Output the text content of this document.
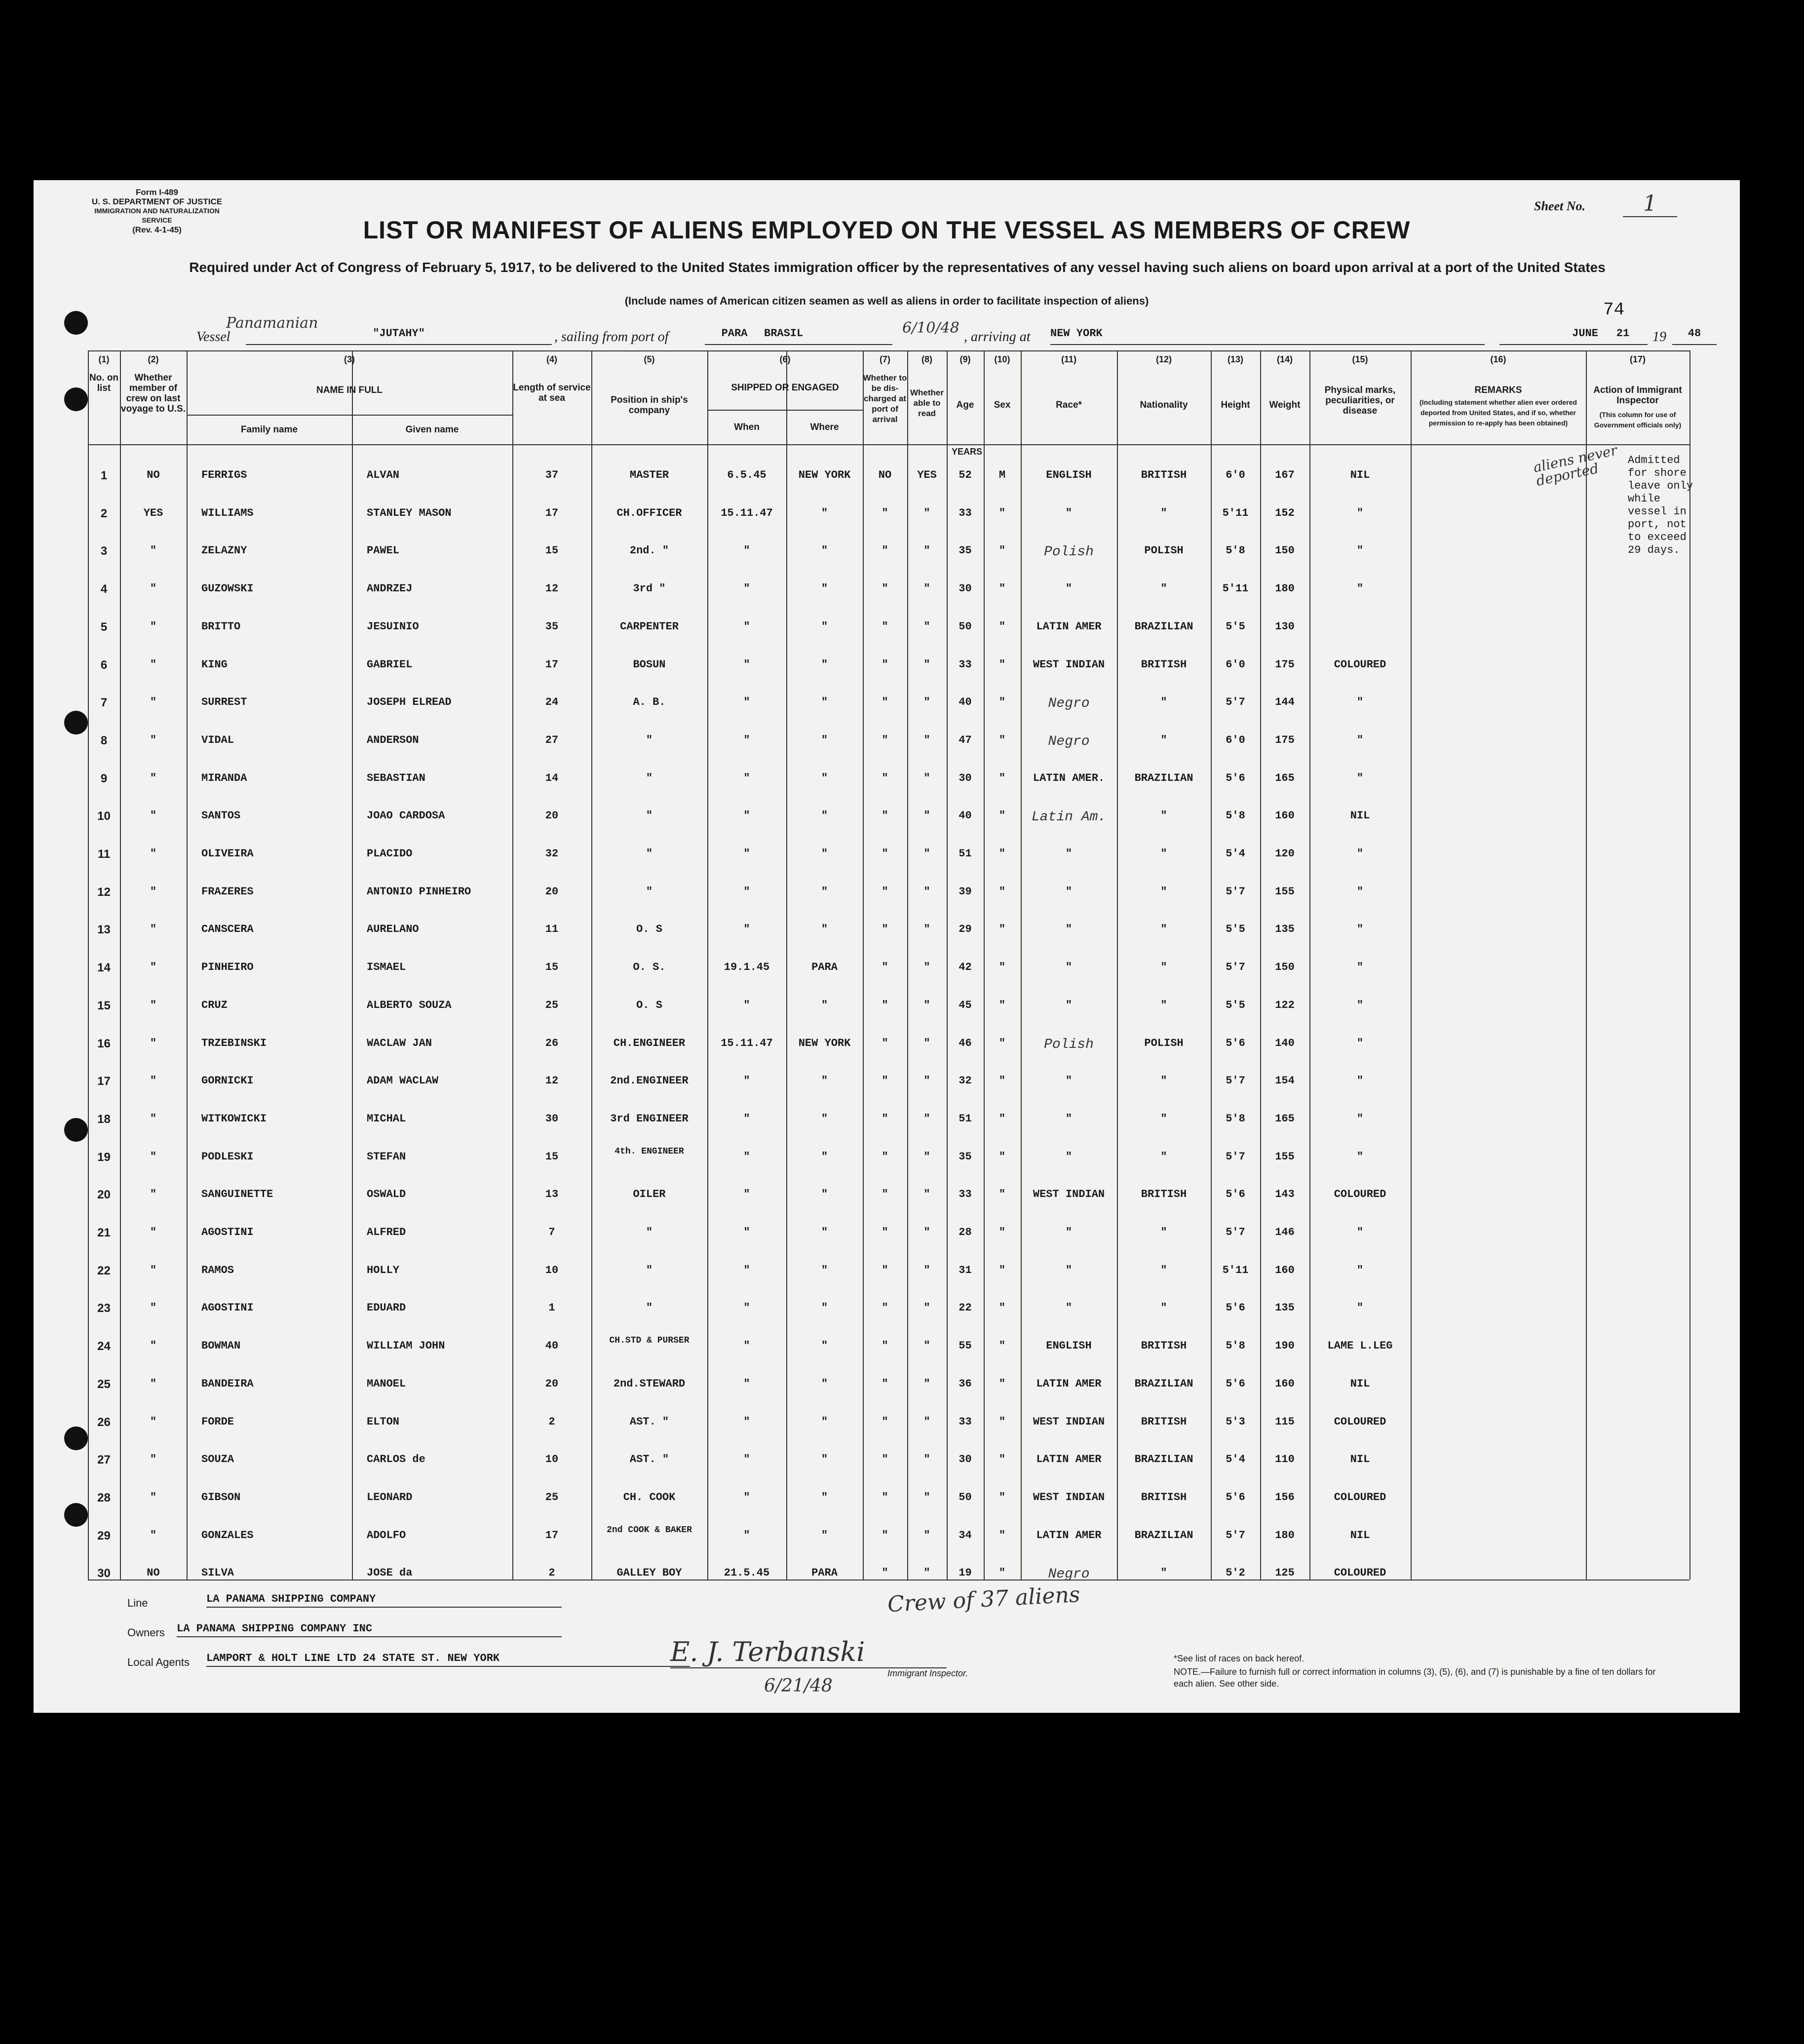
Form I-489
U. S. DEPARTMENT OF JUSTICE
IMMIGRATION AND NATURALIZATION SERVICE
(Rev. 4-1-45)
Sheet No.	1
LIST OR MANIFEST OF ALIENS EMPLOYED ON THE VESSEL AS MEMBERS OF CREW
Required under Act of Congress of February 5, 1917, to be delivered to the United States immigration officer by the representatives of any vessel having such aliens on board upon arrival at a port of the United States
(Include names of American citizen seamen as well as aliens in order to facilitate inspection of aliens)	74
Vessel
Panamanian
"JUTAHY"	, sailing from port of	PARA	BRASIL	6/10/48
, arriving at NEW YORK	JUNE	21	19	48
1	NO	FERRIGS	ALVAN	37	MASTER	6.5.45	NEW YORK	NO	YES	52	M	ENGLISH	BRITISH	6'0	167	NIL
2	YES	WILLIAMS	STANLEY MASON	17	CH.OFFICER	15.11.47	"	"	"	33	"	"	"	5'11	152	"
3	"	ZELAZNY	PAWEL	15	2nd. "	"	"	"	"	35	"	Polish	POLISH	5'8	150	"
4	"	GUZOWSKI	ANDRZEJ	12	3rd "	"	"	"	"	30	"	"	"	5'11	180	"
5	"	BRITTO	JESUINIO	35	CARPENTER	"	"	"	"	50	"	LATIN AMER	BRAZILIAN	5'5	130
6	"	KING	GABRIEL	17	BOSUN	"	"	"	"	33	"	WEST INDIAN	BRITISH	6'0	175	COLOURED
7	"	SURREST	JOSEPH ELREAD	24	A. B.	"	"	"	"	40	"	Negro	"	5'7	144	"
8	"	VIDAL	ANDERSON	27	"	"	"	"	"	47	"	Negro	"	6'0	175	"
9	"	MIRANDA	SEBASTIAN	14	"	"	"	"	"	30	"	LATIN AMER.	BRAZILIAN	5'6	165	"
10	"	SANTOS	JOAO CARDOSA	20	"	"	"	"	"	40	"	Latin Am.	"	5'8	160	NIL
11	"	OLIVEIRA	PLACIDO	32	"	"	"	"	"	51	"	"	"	5'4	120	"
12	"	FRAZERES	ANTONIO PINHEIRO	20	"	"	"	"	"	39	"	"	"	5'7	155	"
13	"	CANSCERA	AURELANO	11	O. S	"	"	"	"	29	"	"	"	5'5	135	"
14	"	PINHEIRO	ISMAEL	15	O. S.	19.1.45	PARA	"	"	42	"	"	"	5'7	150	"
15	"	CRUZ	ALBERTO SOUZA	25	O. S	"	"	"	"	45	"	"	"	5'5	122	"
16	"	TRZEBINSKI	WACLAW JAN	26	CH.ENGINEER	15.11.47	NEW YORK	"	"	46	"	Polish	POLISH	5'6	140	"
17	"	GORNICKI	ADAM WACLAW	12	2nd.ENGINEER	"	"	"	"	32	"	"	"	5'7	154	"
18	"	WITKOWICKI	MICHAL	30	3rd ENGINEER	"	"	"	"	51	"	"	"	5'8	165	"
19	"	PODLESKI	STEFAN	15	4th. ENGINEER	"	"	"	"	35	"	"	"	5'7	155	"
20	"	SANGUINETTE	OSWALD	13	OILER	"	"	"	"	33	"	WEST INDIAN	BRITISH	5'6	143	COLOURED
21	"	AGOSTINI	ALFRED	7	"	"	"	"	"	28	"	"	"	5'7	146	"
22	"	RAMOS	HOLLY	10	"	"	"	"	"	31	"	"	"	5'11	160	"
23	"	AGOSTINI	EDUARD	1	"	"	"	"	"	22	"	"	"	5'6	135	"
24	"	BOWMAN	WILLIAM JOHN	40	CH.STD & PURSER	"	"	"	"	55	"	ENGLISH	BRITISH	5'8	190	LAME L.LEG
25	"	BANDEIRA	MANOEL	20	2nd.STEWARD	"	"	"	"	36	"	LATIN AMER	BRAZILIAN	5'6	160	NIL
26	"	FORDE	ELTON	2	AST. "	"	"	"	"	33	"	WEST INDIAN	BRITISH	5'3	115	COLOURED
27	"	SOUZA	CARLOS de	10	AST. "	"	"	"	"	30	"	LATIN AMER	BRAZILIAN	5'4	110	NIL
28	"	GIBSON	LEONARD	25	CH. COOK	"	"	"	"	50	"	WEST INDIAN	BRITISH	5'6	156	COLOURED
29	"	GONZALES	ADOLFO	17	2nd COOK & BAKER	"	"	"	"	34	"	LATIN AMER	BRAZILIAN	5'7	180	NIL
30	NO	SILVA	JOSE da	2	GALLEY BOY	21.5.45	PARA	"	"	19	"	Negro	"	5'2	125	COLOURED
YEARS
Admitted for shore leave only while vessel in port, not to exceed 29 days.
aliens never deported
(1)	(2)	(3)	(4)	(5)	(6)	(7)	(8)	(9)	(10)	(11)	(12)	(13)	(14)	(15)	(16)	(17)
No. on list
Whether member of crew on last voyage to U.S.
NAME IN FULL
Family name	Given name
Length of service at sea	Position in ship's company
SHIPPED OR ENGAGED
When	Where
Whether to be dis-charged at port of arrival
Whether able to read
Age	Sex	Race*	Nationality	Height	Weight
Physical marks, peculiarities, or disease
REMARKS
(Including statement whether alien ever ordered deported from United States, and if so, whether permission to re-apply has been obtained)
Action of Immigrant Inspector
(This column for use of Government officials only)
Line	LA PANAMA SHIPPING COMPANY
Owners LA PANAMA SHIPPING COMPANY INC
Local Agents LAMPORT & HOLT LINE LTD 24 STATE ST. NEW YORK
Crew of 37 aliens
E. J. Terbanski
6/21/48
Immigrant Inspector.
*See list of races on back hereof.
NOTE.—Failure to furnish full or correct information in columns (3), (5), (6), and (7) is punishable by a fine of ten dollars for each alien. See other side.
